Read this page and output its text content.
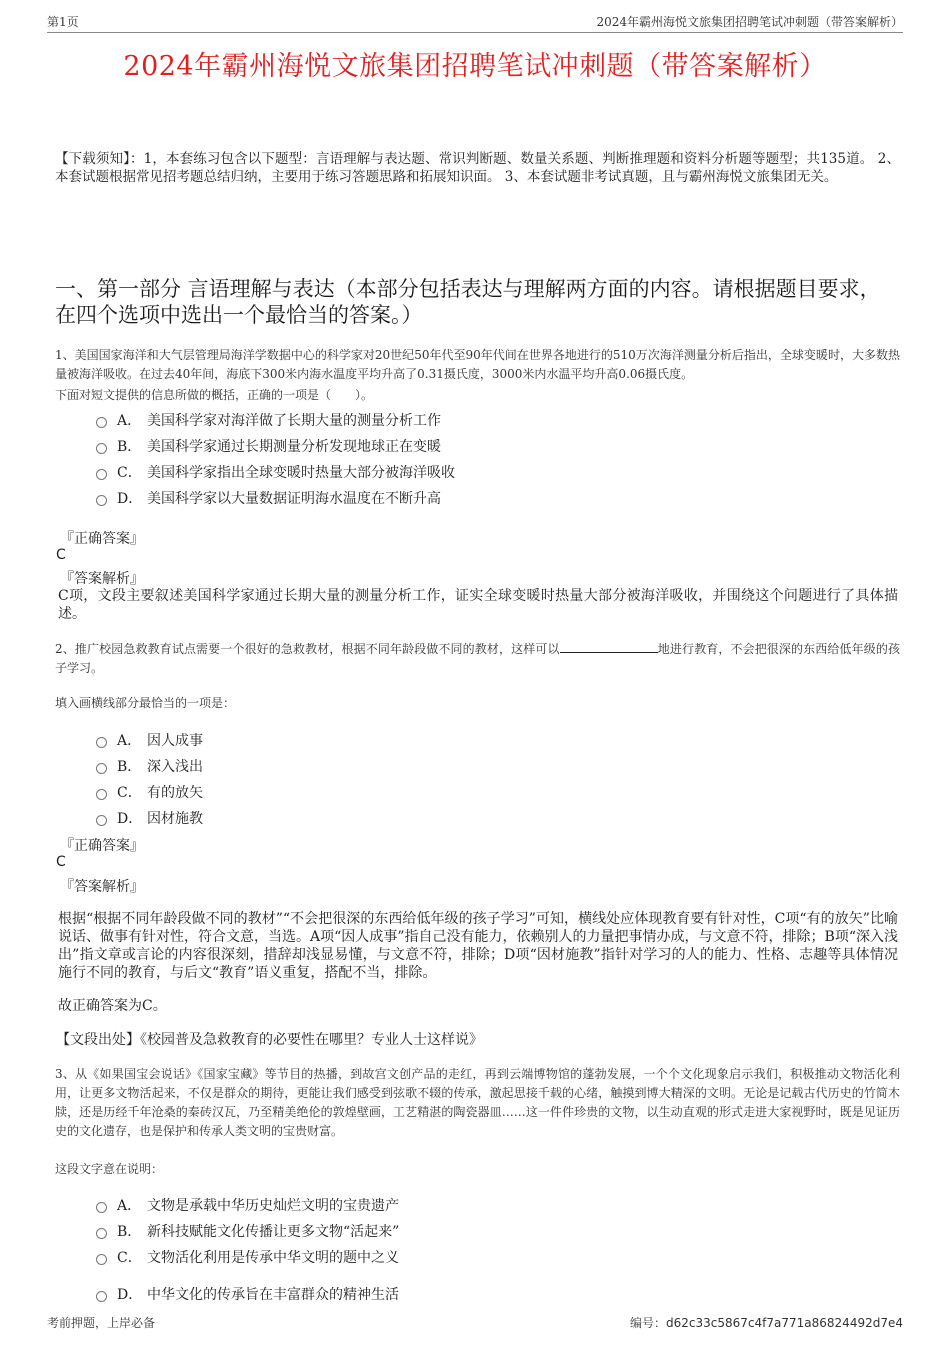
第1页	2024年霸州海悦文旅集团招聘笔试冲刺题（带答案解析）
2024年霸州海悦文旅集团招聘笔试冲刺题（带答案解析）
【下载须知】：1，本套练习包含以下题型：言语理解与表达题、常识判断题、数量关系题、判断推理题和资料分析题等题型；共135道。 2、本套试题根据常见招考题总结归纳，主要用于练习答题思路和拓展知识面。 3、本套试题非考试真题，且与霸州海悦文旅集团无关。
一、第一部分 言语理解与表达（本部分包括表达与理解两方面的内容。请根据题目要求，在四个选项中选出一个最恰当的答案。）
1、美国国家海洋和大气层管理局海洋学数据中心的科学家对20世纪50年代至90年代间在世界各地进行的510万次海洋测量分析后指出，全球变暖时，大多数热量被海洋吸收。在过去40年间，海底下300米内海水温度平均升高了0.31摄氏度，3000米内水温平均升高0.06摄氏度。
下面对短文提供的信息所做的概括，正确的一项是（　　）。
A． 美国科学家对海洋做了长期大量的测量分析工作
B． 美国科学家通过长期测量分析发现地球正在变暖
C． 美国科学家指出全球变暖时热量大部分被海洋吸收
D． 美国科学家以大量数据证明海水温度在不断升高
『正确答案』
C
『答案解析』
C项，文段主要叙述美国科学家通过长期大量的测量分析工作，证实全球变暖时热量大部分被海洋吸收，并围绕这个问题进行了具体描述。
2、推广校园急救教育试点需要一个很好的急救教材，根据不同年龄段做不同的教材，这样可以	地进行教育，不会把很深的东西给低年级的孩子学习。
填入画横线部分最恰当的一项是：
A． 因人成事
B． 深入浅出
C． 有的放矢
D． 因材施教
『正确答案』
C
『答案解析』
根据“根据不同年龄段做不同的教材”“不会把很深的东西给低年级的孩子学习”可知，横线处应体现教育要有针对性，C项“有的放矢”比喻说话、做事有针对性，符合文意，当选。A项“因人成事”指自己没有能力，依赖别人的力量把事情办成，与文意不符，排除；B项“深入浅出”指文章或言论的内容很深刻，措辞却浅显易懂，与文意不符，排除；D项“因材施教”指针对学习的人的能力、性格、志趣等具体情况施行不同的教育，与后文“教育”语义重复，搭配不当，排除。
故正确答案为C。
【文段出处】《校园普及急救教育的必要性在哪里？专业人士这样说》
3、从《如果国宝会说话》《国家宝藏》等节目的热播，到故宫文创产品的走红，再到云端博物馆的蓬勃发展，一个个文化现象启示我们，积极推动文物活化利用，让更多文物活起来，不仅是群众的期待，更能让我们感受到弦歌不辍的传承，激起思接千载的心绪，触摸到博大精深的文明。无论是记载古代历史的竹简木牍，还是历经千年沧桑的秦砖汉瓦，乃至精美绝伦的敦煌壁画，工艺精湛的陶瓷器皿……这一件件珍贵的文物，以生动直观的形式走进大家视野时，既是见证历史的文化遗存，也是保护和传承人类文明的宝贵财富。
这段文字意在说明：
A． 文物是承载中华历史灿烂文明的宝贵遗产
B． 新科技赋能文化传播让更多文物“活起来”
C． 文物活化利用是传承中华文明的题中之义
D． 中华文化的传承旨在丰富群众的精神生活
考前押题，上岸必备	编号：d62c33c5867c4f7a771a86824492d7e4
